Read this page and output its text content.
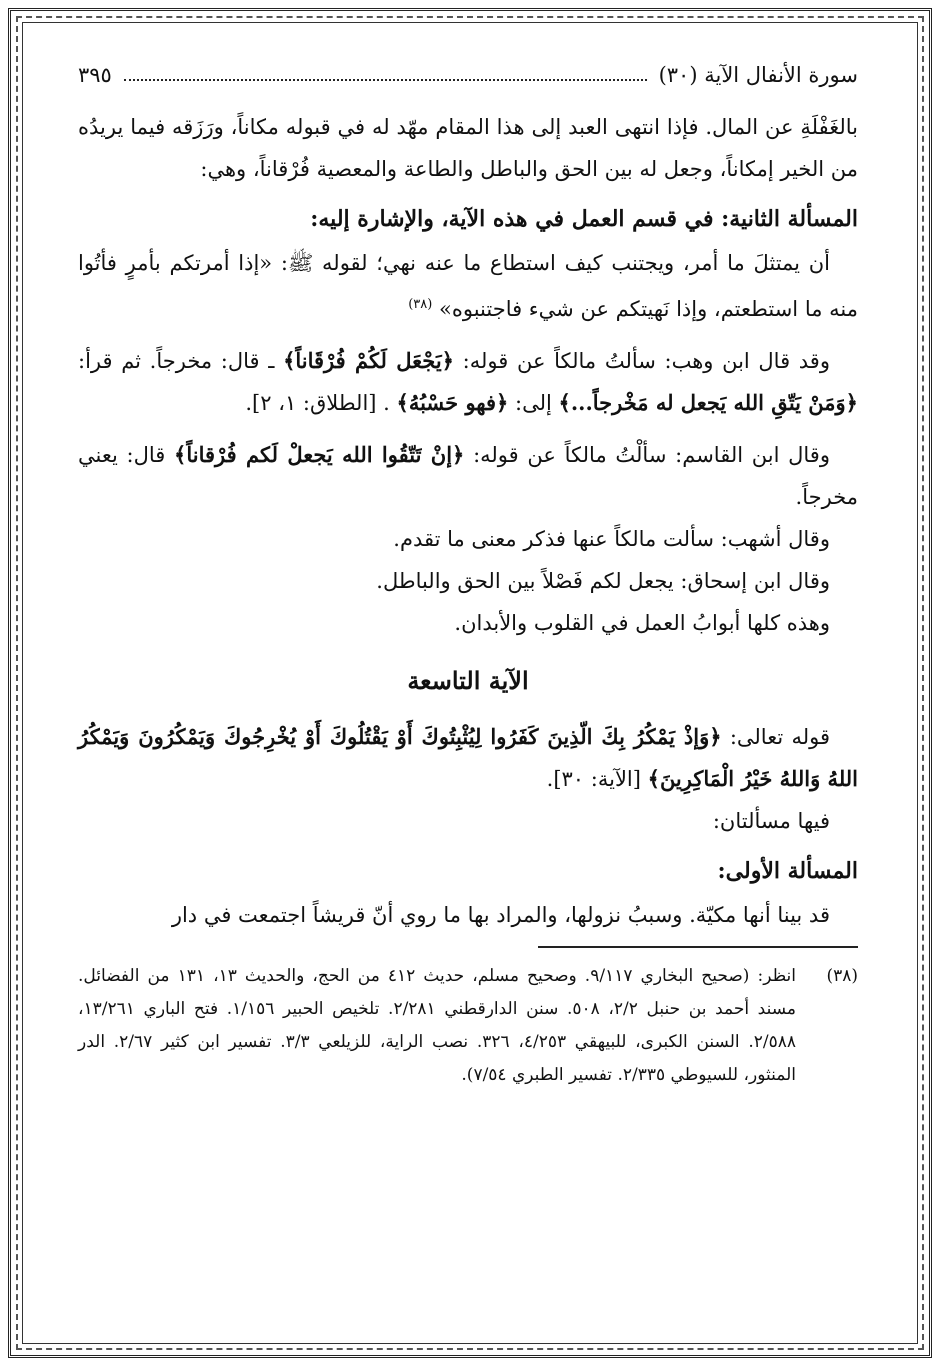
سورة الأنفال الآية (٣٠)
٣٩٥

بالغَفْلَةِ عن المال. فإذا انتهى العبد إلى هذا المقام مهّد له في قبوله مكاناً، ورَزَقه فيما يريدُه من الخير إمكاناً، وجعل له بين الحق والباطل والطاعة والمعصية فُرْقاناً، وهي:

المسألة الثانية: في قسم العمل في هذه الآية، والإشارة إليه:

أن يمتثلَ ما أمر، ويجتنب كيف استطاع ما عنه نهي؛ لقوله ﷺ: «إذا أمرتكم بأمرٍ فأتُوا منه ما استطعتم، وإذا نَهيتكم عن شيء فاجتنبوه» $^{(٣٨)}$

وقد قال ابن وهب: سألتُ مالكاً عن قوله: ﴿يَجْعَل لَكُمْ فُرْقَاناً﴾ ـ قال: مخرجاً. ثم قرأ: ﴿وَمَنْ يَتّقِ الله يَجعل له مَخْرجاً...﴾ إلى: ﴿فهو حَسْبُهُ﴾ . [الطلاق: ١، ٢].

وقال ابن القاسم: سألْتُ مالكاً عن قوله: ﴿إنْ تَتّقُوا الله يَجعلْ لَكم فُرْقاناً﴾ قال: يعني مخرجاً.

وقال أشهب: سألت مالكاً عنها فذكر معنى ما تقدم.

وقال ابن إسحاق: يجعل لكم فَصْلاً بين الحق والباطل.

وهذه كلها أبوابُ العمل في القلوب والأبدان.

الآية التاسعة

قوله تعالى: ﴿وَإذْ يَمْكُرُ بِكَ الّذِينَ كَفَرُوا لِيُثْبِتُوكَ أَوْ يَقْتُلُوكَ أَوْ يُخْرِجُوكَ وَيَمْكُرُونَ وَيَمْكُرُ اللهُ وَاللهُ خَيْرُ الْمَاكِرِينَ﴾ [الآية: ٣٠].

فيها مسألتان:

المسألة الأولى:

قد بينا أنها مكيّة. وسببُ نزولها، والمراد بها ما روي أنّ قريشاً اجتمعت في دار

(٣٨)
انظر: (صحيح البخاري ٩/١١٧. وصحيح مسلم، حديث ٤١٢ من الحج، والحديث ١٣، ١٣١ من الفضائل. مسند أحمد بن حنبل ٢/٢، ٥٠٨. سنن الدارقطني ٢/٢٨١. تلخيص الحبير ١/١٥٦. فتح الباري ١٣/٢٦١، ٢/٥٨٨. السنن الكبرى، للبيهقي ٤/٢٥٣، ٣٢٦. نصب الراية، للزيلعي ٣/٣. تفسير ابن كثير ٢/٦٧. الدر المنثور، للسيوطي ٢/٣٣٥. تفسير الطبري ٧/٥٤).
